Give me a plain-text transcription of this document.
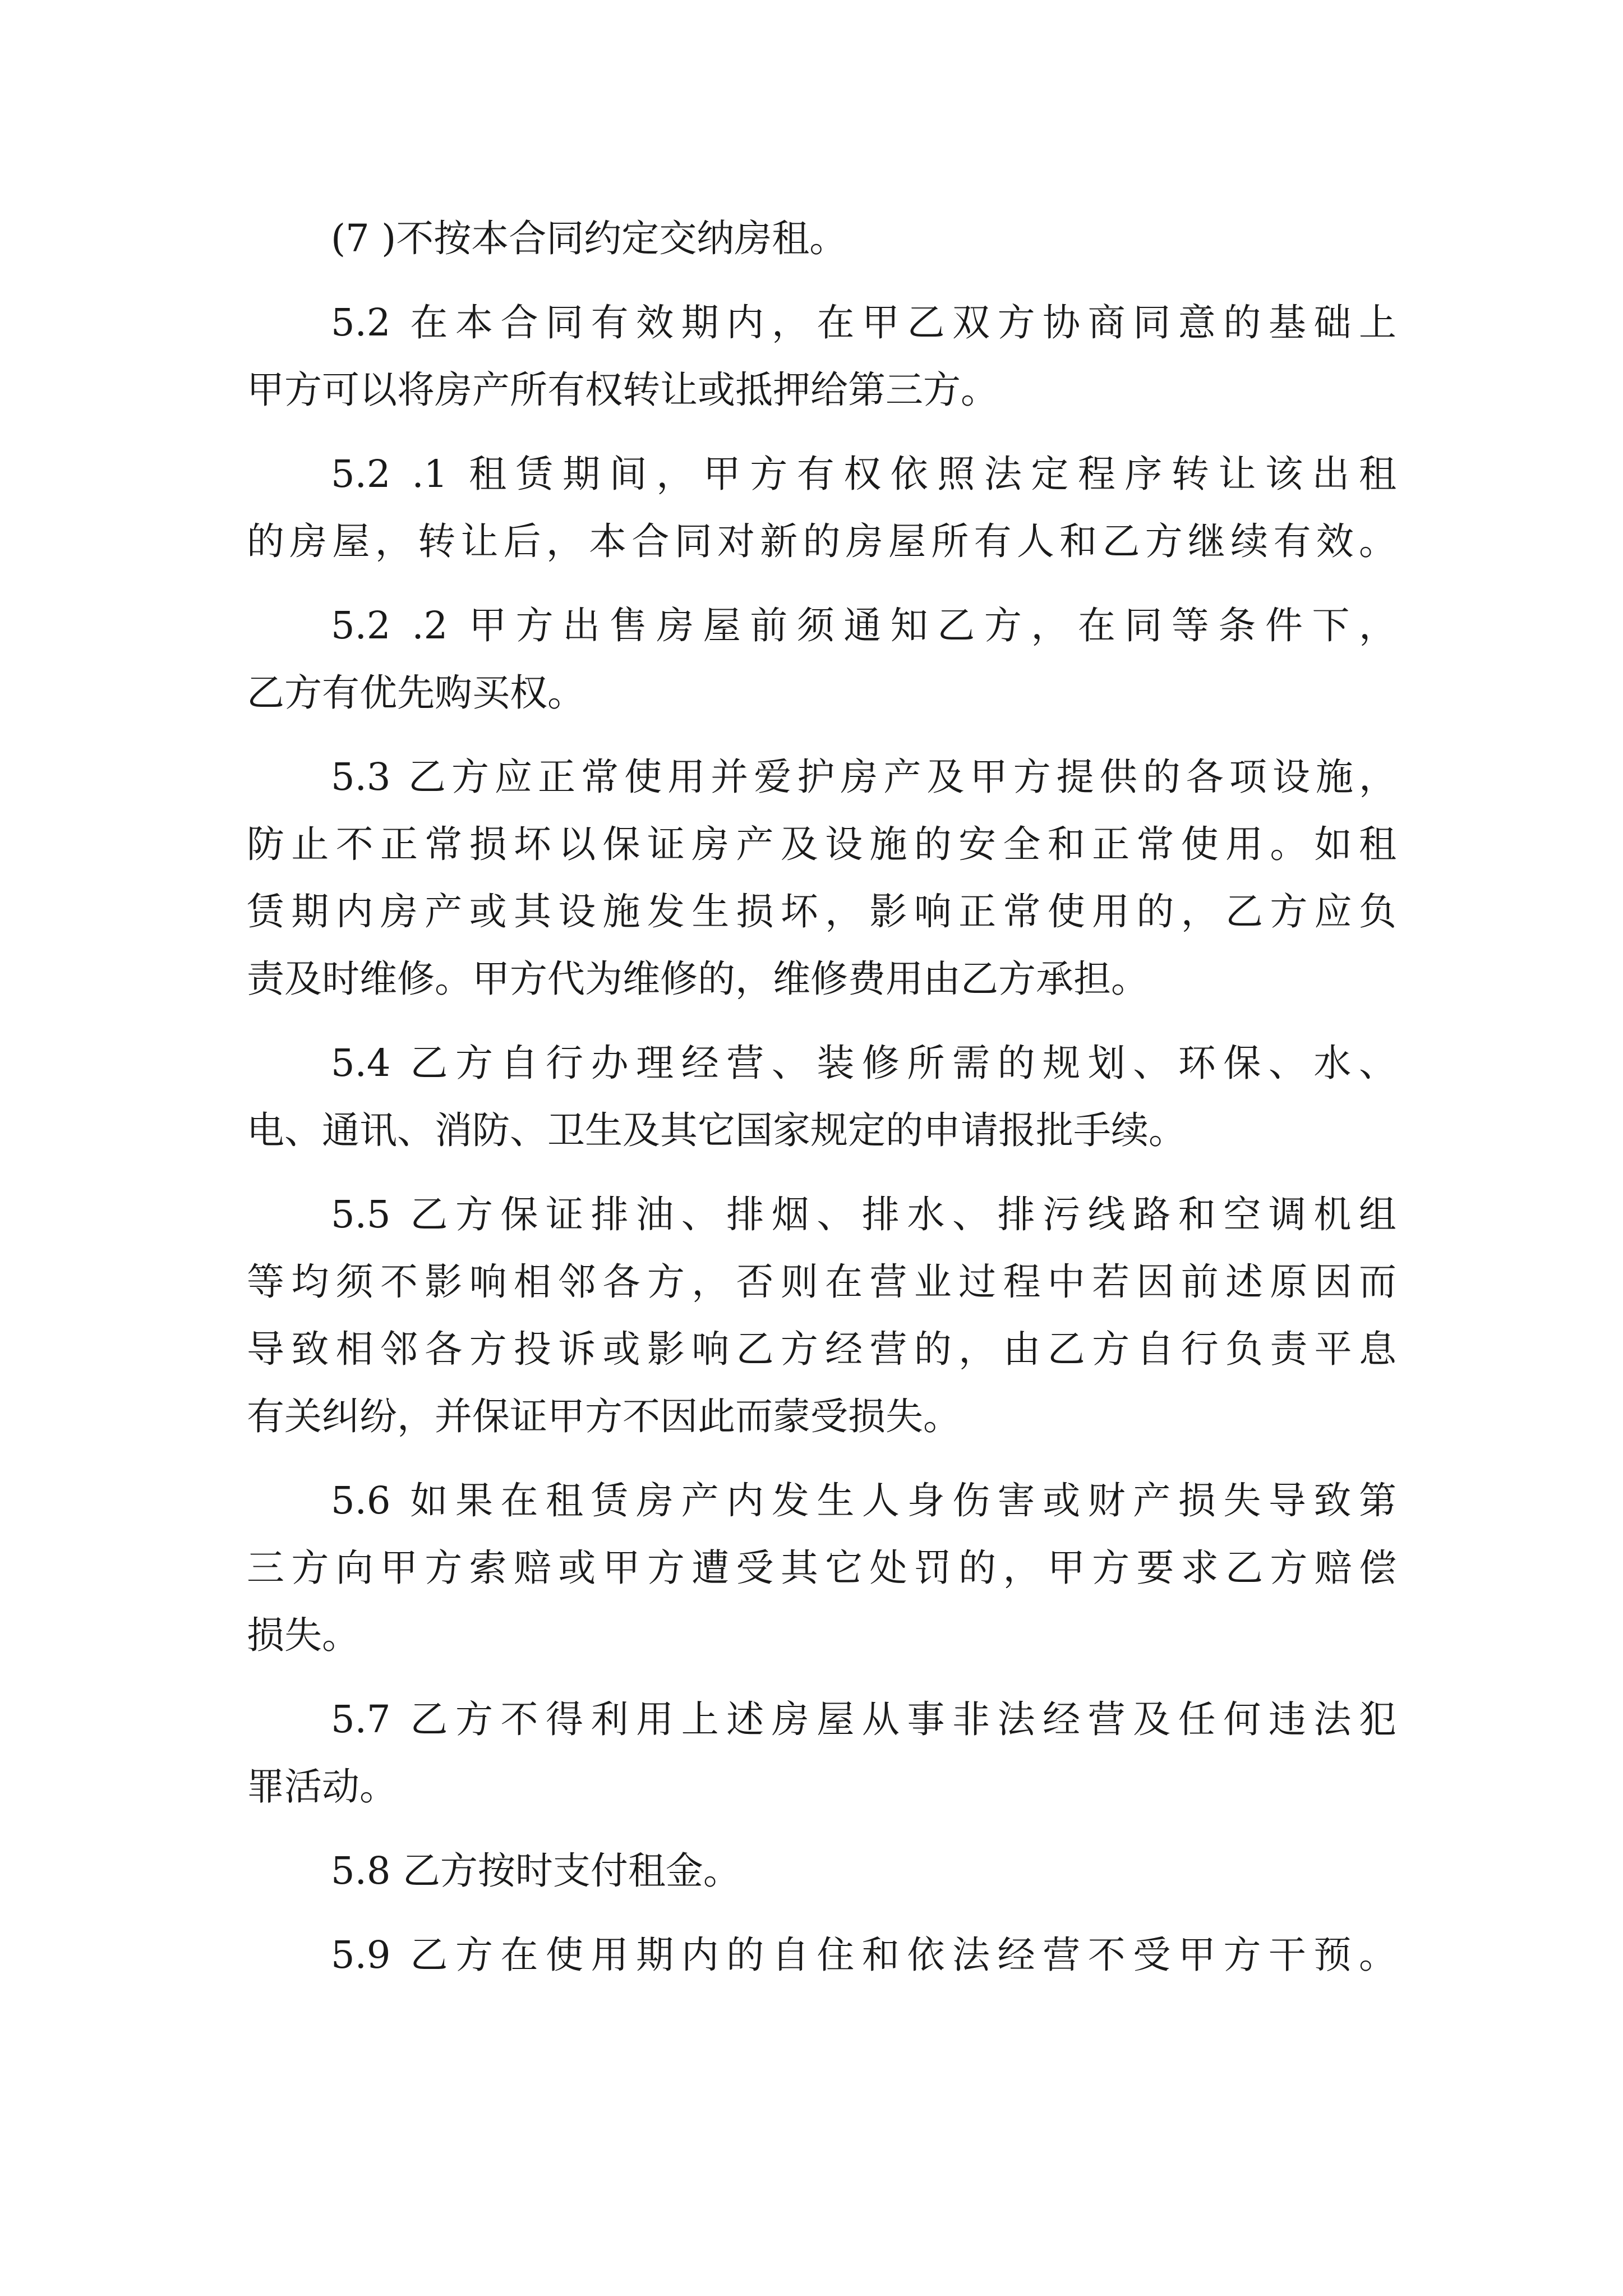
(7 )不按本合同约定交纳房租。
5.2 在本合同有效期内，在甲乙双方协商同意的基础上
甲方可以将房产所有权转让或抵押给第三方。
5.2 .1 租赁期间，甲方有权依照法定程序转让该出租
的房屋，转让后，本合同对新的房屋所有人和乙方继续有效。
5.2 .2 甲方出售房屋前须通知乙方，在同等条件下，
乙方有优先购买权。
5.3 乙方应正常使用并爱护房产及甲方提供的各项设施，
防止不正常损坏以保证房产及设施的安全和正常使用。如租
赁期内房产或其设施发生损坏，影响正常使用的，乙方应负
责及时维修。甲方代为维修的，维修费用由乙方承担。
5.4 乙方自行办理经营、装修所需的规划、环保、水、
电、通讯、消防、卫生及其它国家规定的申请报批手续。
5.5 乙方保证排油、排烟、排水、排污线路和空调机组
等均须不影响相邻各方，否则在营业过程中若因前述原因而
导致相邻各方投诉或影响乙方经营的，由乙方自行负责平息
有关纠纷，并保证甲方不因此而蒙受损失。
5.6 如果在租赁房产内发生人身伤害或财产损失导致第
三方向甲方索赔或甲方遭受其它处罚的，甲方要求乙方赔偿
损失。
5.7 乙方不得利用上述房屋从事非法经营及任何违法犯
罪活动。
5.8 乙方按时支付租金。
5.9 乙方在使用期内的自住和依法经营不受甲方干预。
